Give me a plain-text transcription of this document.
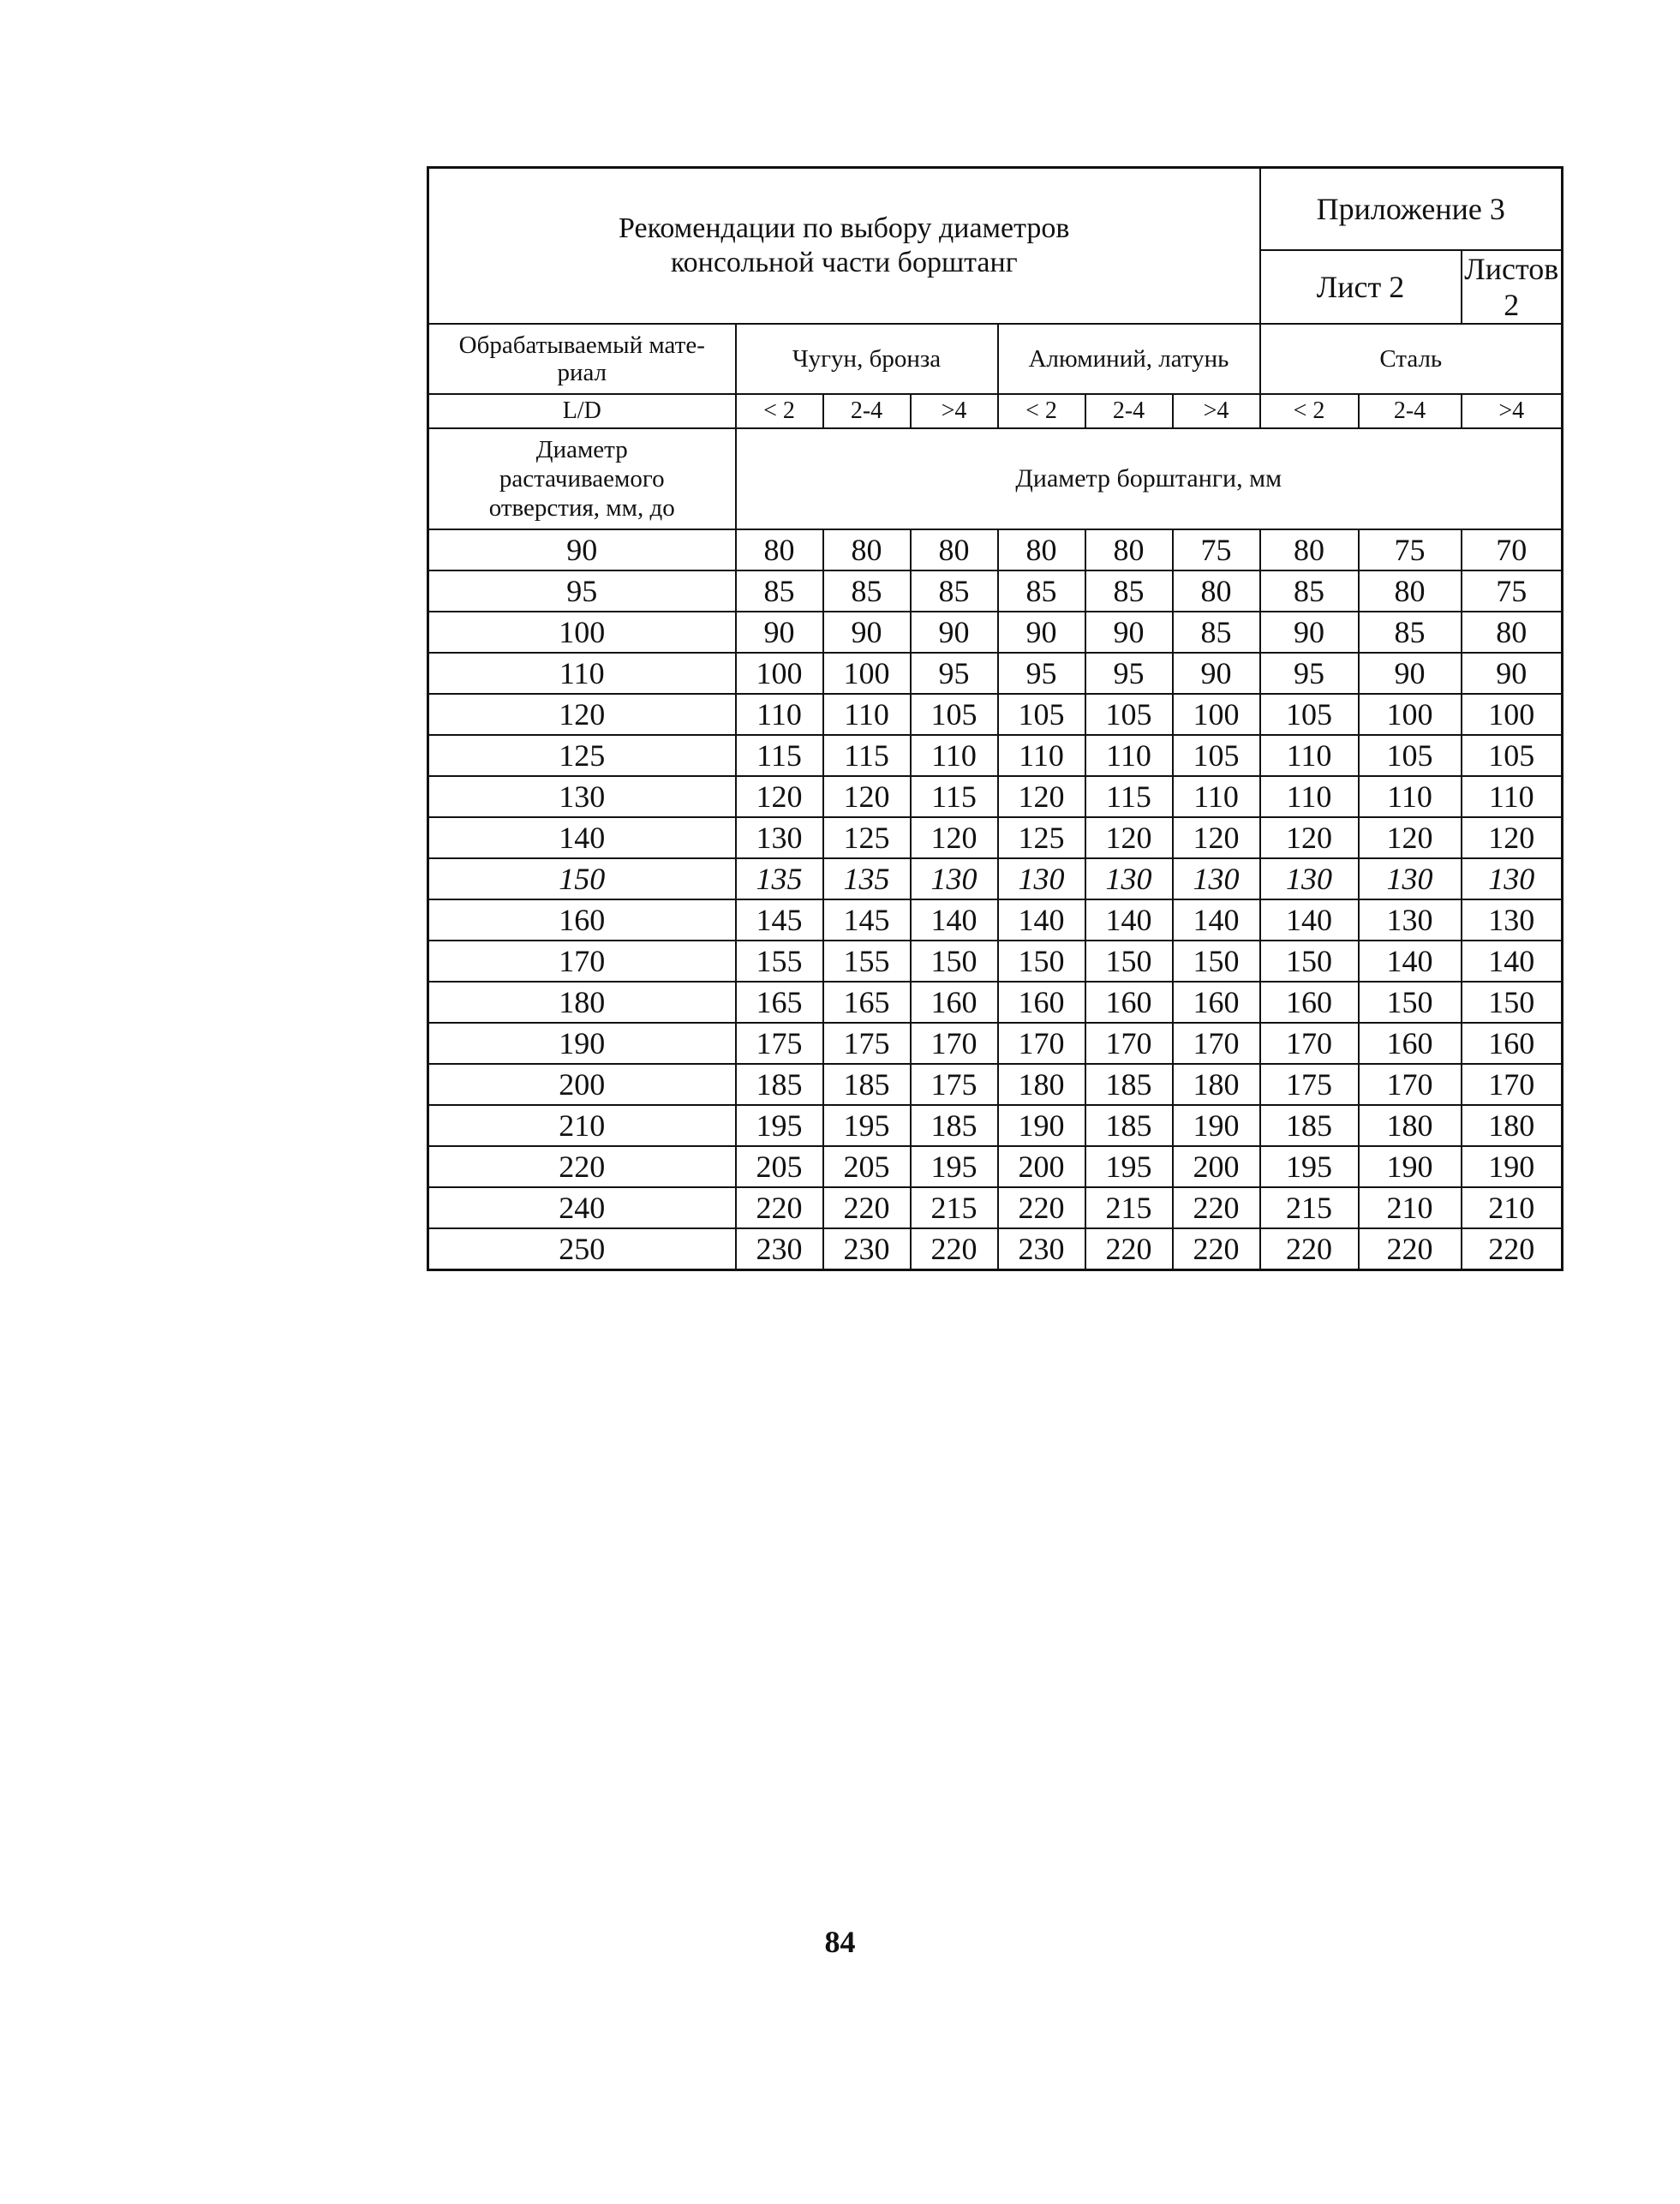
Рекомендации по выбору диаметров
консольной части борштанг							Приложение 3		
							Лист 2		Листов 2

Обрабатываемый мате-
риал	Чугун, бронза			Алюминий, латунь			Сталь		
L/D	< 2	2-4	>4	< 2	2-4	>4	< 2	2-4	>4

Диаметр
растачиваемого
отверстия, мм, до	Диаметр борштанги, мм								
90	80	80	80	80	80	75	80	75	70
95	85	85	85	85	85	80	85	80	75
100	90	90	90	90	90	85	90	85	80
110	100	100	95	95	95	90	95	90	90
120	110	110	105	105	105	100	105	100	100
125	115	115	110	110	110	105	110	105	105
130	120	120	115	120	115	110	110	110	110
140	130	125	120	125	120	120	120	120	120
150	135	135	130	130	130	130	130	130	130
160	145	145	140	140	140	140	140	130	130
170	155	155	150	150	150	150	150	140	140
180	165	165	160	160	160	160	160	150	150
190	175	175	170	170	170	170	170	160	160
200	185	185	175	180	185	180	175	170	170
210	195	195	185	190	185	190	185	180	180
220	205	205	195	200	195	200	195	190	190
240	220	220	215	220	215	220	215	210	210
250	230	230	220	230	220	220	220	220	220
84
